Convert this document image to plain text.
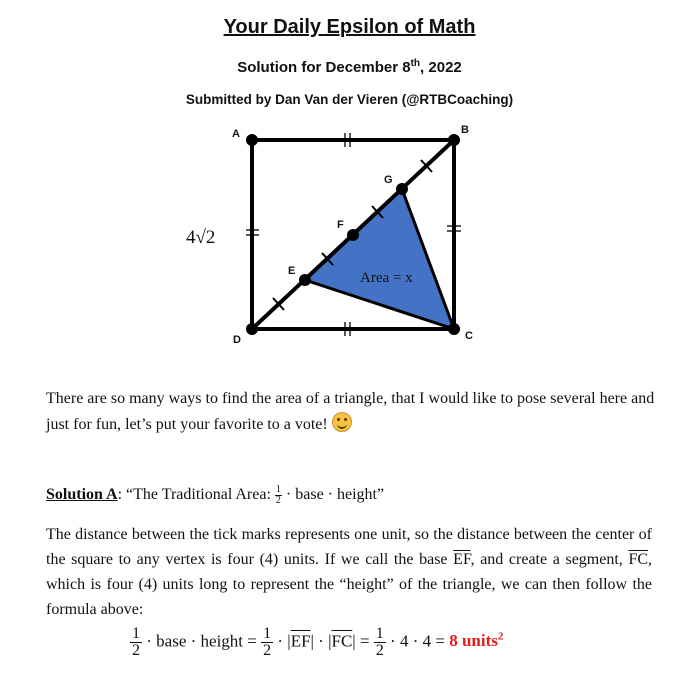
Your Daily Epsilon of Math
Solution for December 8th, 2022
Submitted by Dan Van der Vieren (@RTBCoaching)
A	B
C
D
E
F
G
4√2
Area = x
There are so many ways to find the area of a triangle, that I would like to pose several here and just for fun, let’s put your favorite to a vote!
Solution A: “The Traditional Area: $\frac{1}{2}$ · base · height”
The distance between the tick marks represents one unit, so the distance between the center of the square to any vertex is four (4) units. If we call the base $\overline{EF}$, and create a segment, $\overline{FC}$, which is four (4) units long to represent the “height” of the triangle, we can then follow the formula above:
$\frac{1}{2}$ · base · height = $\frac{1}{2} \cdot |\overline{EF}| \cdot |\overline{FC}| = \frac{1}{2} \cdot 4 \cdot 4 = 8$ units$^2$
